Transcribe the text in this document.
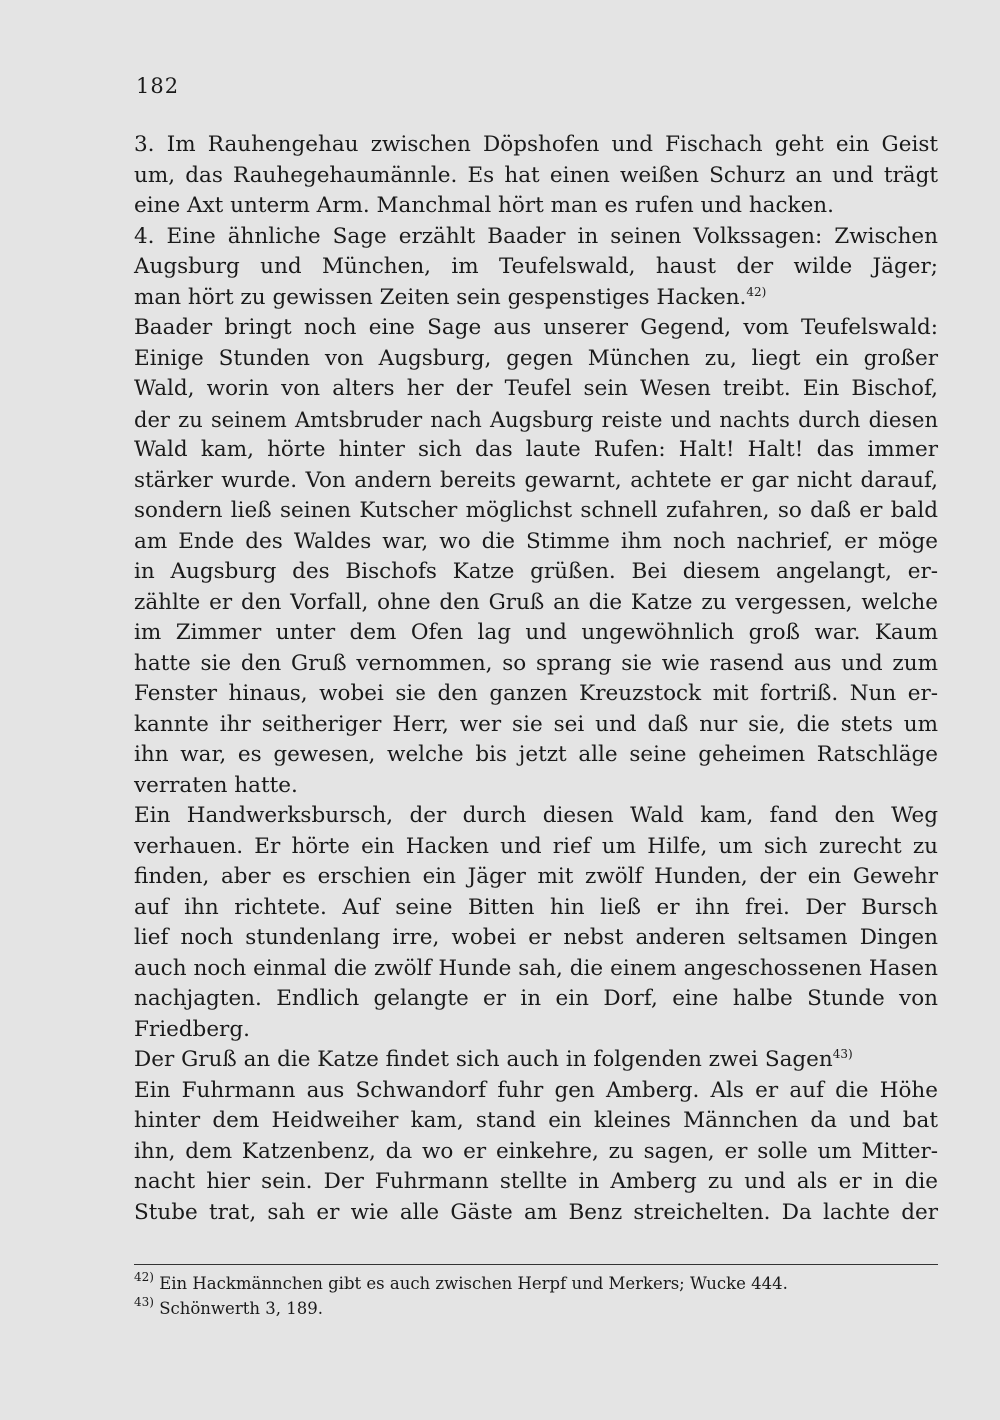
182
3. Im Rauhengehau zwischen Döpshofen und Fischach geht ein Geist
um, das Rauhegehaumännle. Es hat einen weißen Schurz an und trägt
eine Axt unterm Arm. Manchmal hört man es rufen und hacken.
4. Eine ähnliche Sage erzählt Baader in seinen Volkssagen: Zwischen
Augsburg und München, im Teufelswald, haust der wilde Jäger;
man hört zu gewissen Zeiten sein gespenstiges Hacken.$^{42)}$
Baader bringt noch eine Sage aus unserer Gegend, vom Teufelswald:
Einige Stunden von Augsburg, gegen München zu, liegt ein großer
Wald, worin von alters her der Teufel sein Wesen treibt. Ein Bischof,
der zu seinem Amtsbruder nach Augsburg reiste und nachts durch diesen
Wald kam, hörte hinter sich das laute Rufen: Halt! Halt! das immer
stärker wurde. Von andern bereits gewarnt, achtete er gar nicht darauf,
sondern ließ seinen Kutscher möglichst schnell zufahren, so daß er bald
am Ende des Waldes war, wo die Stimme ihm noch nachrief, er möge
in Augsburg des Bischofs Katze grüßen. Bei diesem angelangt, er-
zählte er den Vorfall, ohne den Gruß an die Katze zu vergessen, welche
im Zimmer unter dem Ofen lag und ungewöhnlich groß war. Kaum
hatte sie den Gruß vernommen, so sprang sie wie rasend aus und zum
Fenster hinaus, wobei sie den ganzen Kreuzstock mit fortriß. Nun er-
kannte ihr seitheriger Herr, wer sie sei und daß nur sie, die stets um
ihn war, es gewesen, welche bis jetzt alle seine geheimen Ratschläge
verraten hatte.
Ein Handwerksbursch, der durch diesen Wald kam, fand den Weg
verhauen. Er hörte ein Hacken und rief um Hilfe, um sich zurecht zu
finden, aber es erschien ein Jäger mit zwölf Hunden, der ein Gewehr
auf ihn richtete. Auf seine Bitten hin ließ er ihn frei. Der Bursch
lief noch stundenlang irre, wobei er nebst anderen seltsamen Dingen
auch noch einmal die zwölf Hunde sah, die einem angeschossenen Hasen
nachjagten. Endlich gelangte er in ein Dorf, eine halbe Stunde von
Friedberg.
Der Gruß an die Katze findet sich auch in folgenden zwei Sagen$^{43)}$
Ein Fuhrmann aus Schwandorf fuhr gen Amberg. Als er auf die Höhe
hinter dem Heidweiher kam, stand ein kleines Männchen da und bat
ihn, dem Katzenbenz, da wo er einkehre, zu sagen, er solle um Mitter-
nacht hier sein. Der Fuhrmann stellte in Amberg zu und als er in die
Stube trat, sah er wie alle Gäste am Benz streichelten. Da lachte der
$^{42)}$ Ein Hackmännchen gibt es auch zwischen Herpf und Merkers; Wucke 444.
$^{43)}$ Schönwerth 3, 189.
